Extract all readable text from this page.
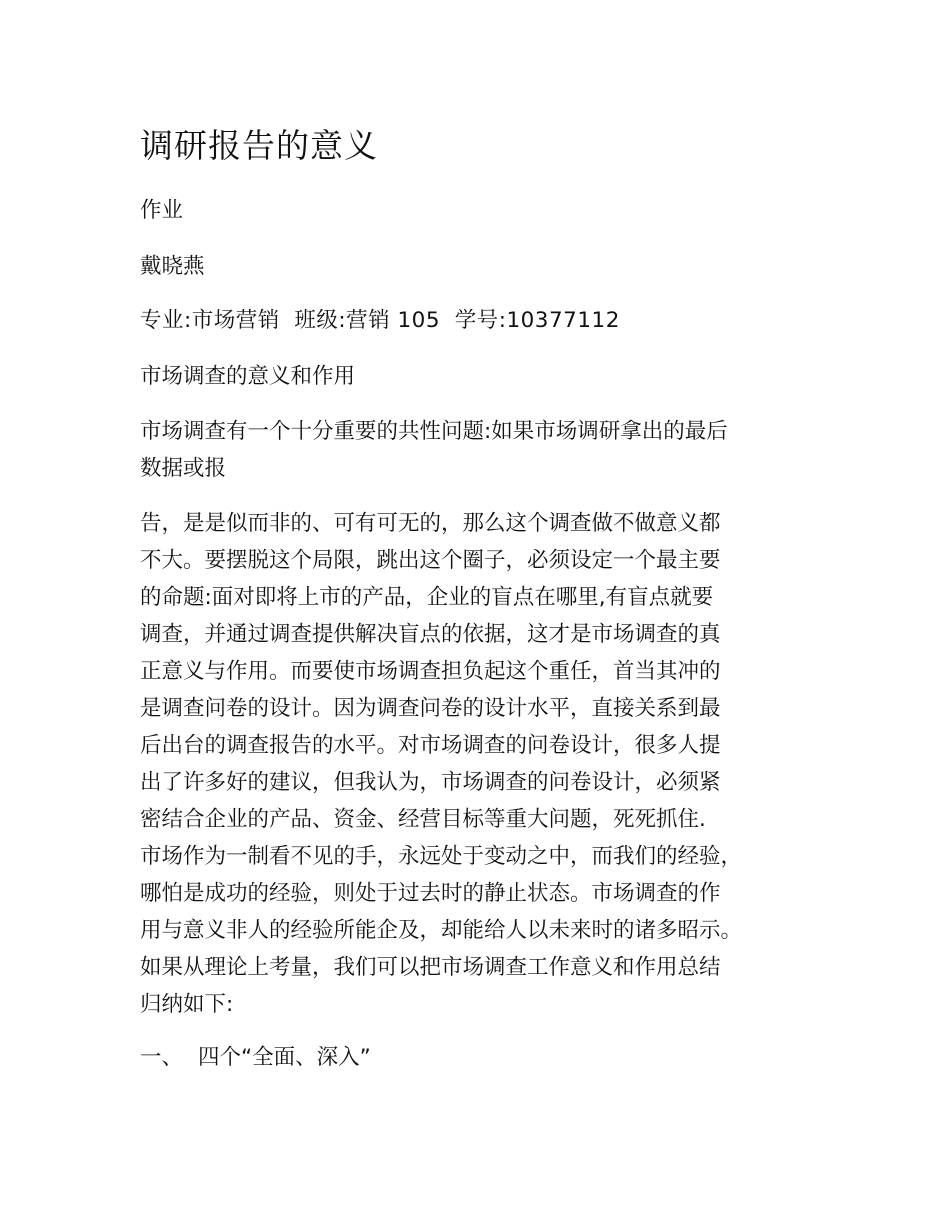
调研报告的意义

作业

戴晓燕

专业:市场营销  班级:营销 105  学号:10377112

市场调查的意义和作用

市场调查有一个十分重要的共性问题:如果市场调研拿出的最后
数据或报
告，是是似而非的、可有可无的，那么这个调查做不做意义都
不大。要摆脱这个局限，跳出这个圈子，必须设定一个最主要
的命题:面对即将上市的产品，企业的盲点在哪里,有盲点就要
调查，并通过调查提供解决盲点的依据，这才是市场调查的真
正意义与作用。而要使市场调查担负起这个重任，首当其冲的
是调查问卷的设计。因为调查问卷的设计水平，直接关系到最
后出台的调查报告的水平。对市场调查的问卷设计，很多人提
出了许多好的建议，但我认为，市场调查的问卷设计，必须紧
密结合企业的产品、资金、经营目标等重大问题，死死抓住.
市场作为一制看不见的手，永远处于变动之中，而我们的经验，
哪怕是成功的经验，则处于过去时的静止状态。市场调查的作
用与意义非人的经验所能企及，却能给人以未来时的诸多昭示。
如果从理论上考量，我们可以把市场调查工作意义和作用总结
归纳如下:

一、 四个“全面、深入”
